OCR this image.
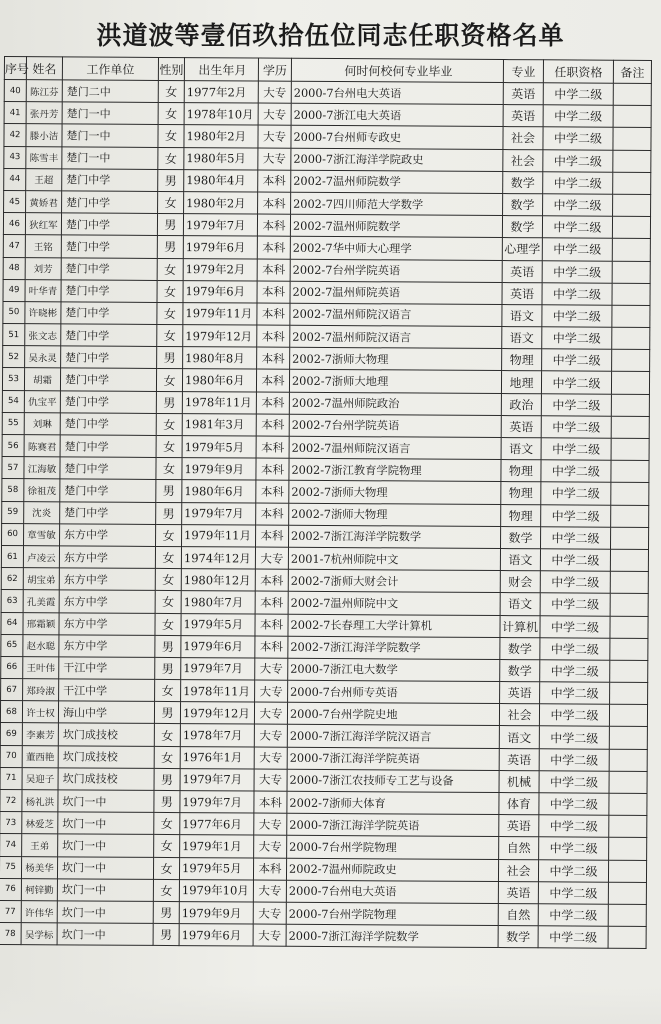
洪道波等壹佰玖拾伍位同志任职资格名单
序号	姓名	工作单位	性别	出生年月	学历	何时何校何专业毕业	专业	任职资格	备注
40	陈江芬	楚门二中	女	1977年2月	大专	2000-7台州电大英语	英语	中学二级	
41	张丹芳	楚门一中	女	1978年10月	大专	2000-7浙江电大英语	英语	中学二级	
42	滕小洁	楚门一中	女	1980年2月	大专	2000-7台州师专政史	社会	中学二级	
43	陈雪丰	楚门一中	女	1980年5月	大专	2000-7浙江海洋学院政史	社会	中学二级	
44	王超	楚门中学	男	1980年4月	本科	2002-7温州师院数学	数学	中学二级	
45	黄娇君	楚门中学	女	1980年2月	本科	2002-7四川师范大学数学	数学	中学二级	
46	狄红军	楚门中学	男	1979年7月	本科	2002-7温州师院数学	数学	中学二级	
47	王铭	楚门中学	男	1979年6月	本科	2002-7华中师大心理学	心理学	中学二级	
48	刘芳	楚门中学	女	1979年2月	本科	2002-7台州学院英语	英语	中学二级	
49	叶华青	楚门中学	女	1979年6月	本科	2002-7温州师院英语	英语	中学二级	
50	许晓彬	楚门中学	女	1979年11月	本科	2002-7温州师院汉语言	语文	中学二级	
51	张文志	楚门中学	女	1979年12月	本科	2002-7温州师院汉语言	语文	中学二级	
52	吴永灵	楚门中学	男	1980年8月	本科	2002-7浙师大物理	物理	中学二级	
53	胡霜	楚门中学	女	1980年6月	本科	2002-7浙师大地理	地理	中学二级	
54	仇宝平	楚门中学	男	1978年11月	本科	2002-7温州师院政治	政治	中学二级	
55	刘琳	楚门中学	女	1981年3月	本科	2002-7台州学院英语	英语	中学二级	
56	陈赛君	楚门中学	女	1979年5月	本科	2002-7温州师院汉语言	语文	中学二级	
57	江海敏	楚门中学	女	1979年9月	本科	2002-7浙江教育学院物理	物理	中学二级	
58	徐祖茂	楚门中学	男	1980年6月	本科	2002-7浙师大物理	物理	中学二级	
59	沈炎	楚门中学	男	1979年7月	本科	2002-7浙师大物理	物理	中学二级	
60	章雪敏	东方中学	女	1979年11月	本科	2002-7浙江海洋学院数学	数学	中学二级	
61	卢凌云	东方中学	女	1974年12月	大专	2001-7杭州师院中文	语文	中学二级	
62	胡宝弟	东方中学	女	1980年12月	本科	2002-7浙师大财会计	财会	中学二级	
63	孔美霞	东方中学	女	1980年7月	本科	2002-7温州师院中文	语文	中学二级	
64	邢霜颖	东方中学	女	1979年5月	本科	2002-7长春理工大学计算机	计算机	中学二级	
65	赵水聪	东方中学	男	1979年6月	本科	2002-7浙江海洋学院数学	数学	中学二级	
66	王叶伟	干江中学	男	1979年7月	大专	2000-7浙江电大数学	数学	中学二级	
67	郑玲淑	干江中学	女	1978年11月	大专	2000-7台州师专英语	英语	中学二级	
68	许士权	海山中学	男	1979年12月	大专	2000-7台州学院史地	社会	中学二级	
69	李素芳	坎门成技校	女	1978年7月	大专	2000-7浙江海洋学院汉语言	语文	中学二级	
70	董西艳	坎门成技校	女	1976年1月	大专	2000-7浙江海洋学院英语	英语	中学二级	
71	吴迎子	坎门成技校	男	1979年7月	大专	2000-7浙江农技师专工艺与设备	机械	中学二级	
72	杨礼洪	坎门一中	男	1979年7月	本科	2002-7浙师大体育	体育	中学二级	
73	林爱芝	坎门一中	女	1977年6月	大专	2000-7浙江海洋学院英语	英语	中学二级	
74	王弟	坎门一中	女	1979年1月	大专	2000-7台州学院物理	自然	中学二级	
75	杨美华	坎门一中	女	1979年5月	本科	2002-7温州师院政史	社会	中学二级	
76	柯锌勤	坎门一中	女	1979年10月	大专	2000-7台州电大英语	英语	中学二级	
77	许伟华	坎门一中	男	1979年9月	大专	2000-7台州学院物理	自然	中学二级	
78	吴学标	坎门一中	男	1979年6月	大专	2000-7浙江海洋学院数学	数学	中学二级	
